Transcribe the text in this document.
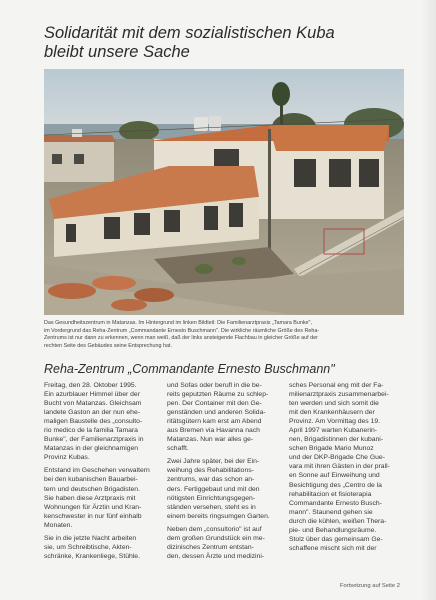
Solidarität mit dem sozialistischen Kuba
bleibt unsere Sache

Das Gesundheitszentrum in Matanzas. Im Hintergrund im linken Bildteil: Die Familienarztpraxis „Tamara Bunke",
im Vordergrund das Reha-Zentrum „Commandante Ernesto Buschmann". Die wirkliche räumliche Größe des Reha-
Zentrums ist nur dann zu erkennen, wenn man weiß, daß der links ansteigende Flachbau in gleicher Größe auf der
rechten Seite des Gebäudes seine Entsprechung hat.

Reha-Zentrum „Commandante Ernesto Buschmann"
Freitag, den 28. Oktober 1995.
Ein azurblauer Himmel über der
Bucht von Matanzas. Gleichsam
landete Gaston an der nun ehe-
maligen Baustelle des „consulto-
rio medico de la familia Tamara
Bunke", der Familienarztpraxis in
Matanzas in der gleichnamigen
Provinz Kubas.
Entstand im Geschehen verwaltern
bei den kubanischen Bauarbei-
tern und deutschen Brigadisten.
Sie haben diese Arztpraxis mit
Wohnungen für Ärztin und Kran-
kenschwester in nur fünf einhalb
Monaten.
Sie in die jetzte Nacht arbeiten
sie, um Schreibtische, Akten-
schränke, Krankenliege, Stühle.
und Sofas oder berufl in die be-
reits geputzten Räume zu schlep-
pen. Der Container mit den Ge-
genständen und anderen Solida-
ritätsgütern kam erst am Abend
aus Bremen via Havanna nach
Matanzas. Nun war alles ge-
schafft.
Zwei Jahre später, bei der Ein-
weihung des Rehabilitations-
zentrums, war das schon an-
ders. Fertiggebaut und mit den
nötigsten Einrichtungsgegen-
ständen versehen, steht es in
einem bereits ringsumgen Garten.
Neben dem „consultorio" ist auf
dem großen Grundstück ein me-
dizinisches Zentrum entstan-
den, dessen Ärzte und medizini-
sches Personal eng mit der Fa-
milienarztpraxis zusammenarbei-
ten werden und sich somit die
mit den Krankenhäusern der
Provinz. Am Vormittag des 19.
April 1997 warten Kubanerin-
nen, Brigadistinnen der kubani-
schen Brigade Mario Munoz
und der DKP-Brigade Che Gue-
vara mit ihren Gästen in der prall-
en Sonne auf Einweihung und
Besichtigung des „Centro de la
rehabilitacion et fisioterapia
Commandante Ernesto Busch-
mann". Staunend gehen sie
durch die kühlen, weißen Thera-
pie- und Behandlungsräume.
Stolz über das gemeinsam Ge-
schaffene mischt sich mit der
Fortsetzung auf Seite 2
